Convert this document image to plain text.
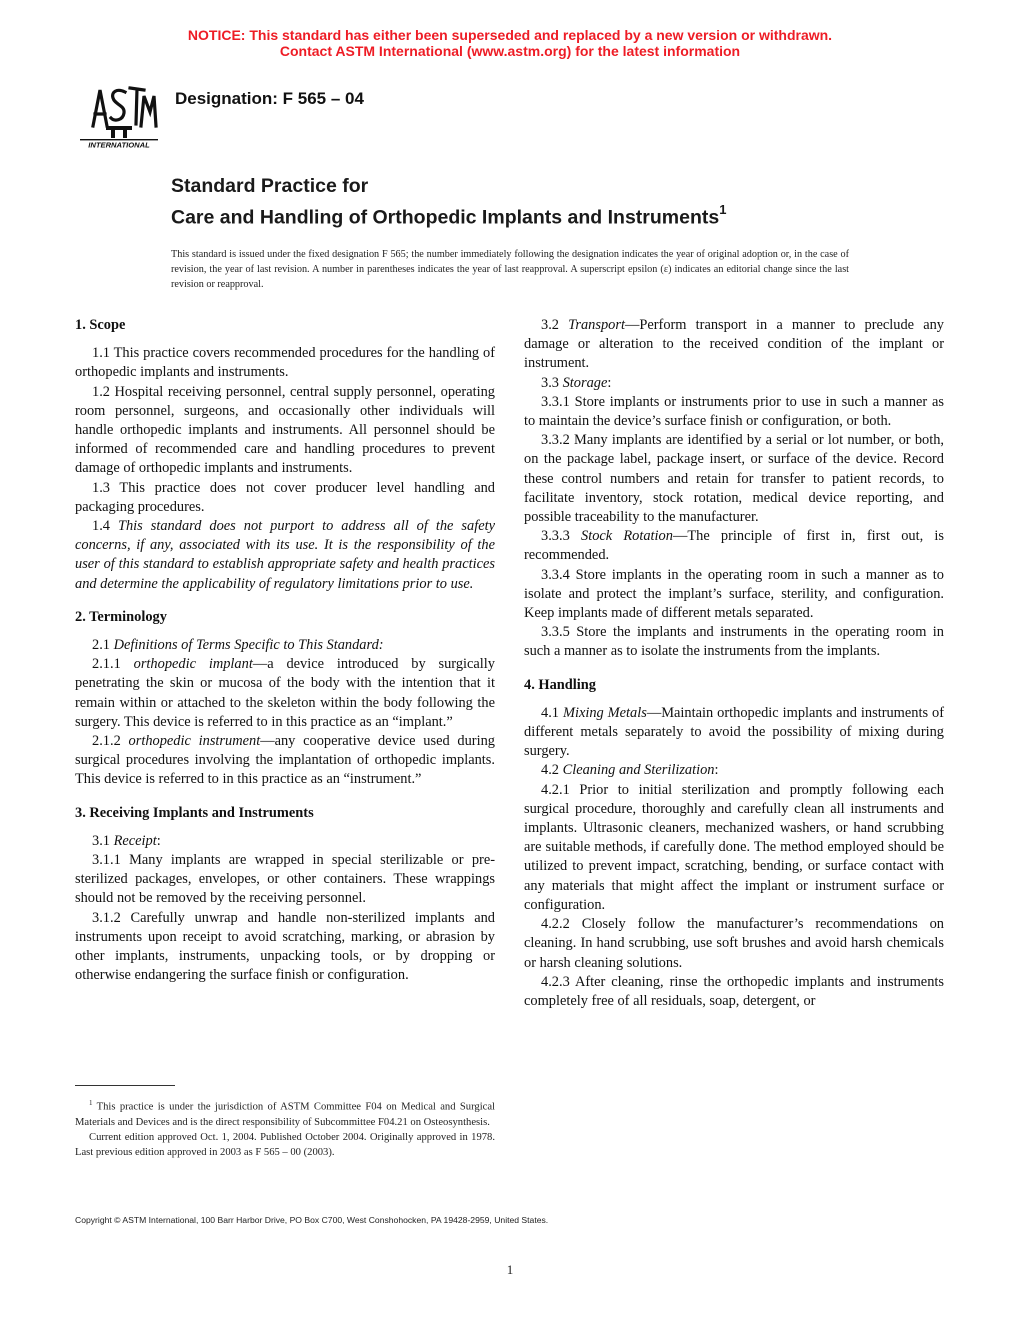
NOTICE: This standard has either been superseded and replaced by a new version or withdrawn.
Contact ASTM International (www.astm.org) for the latest information
INTERNATIONAL
Designation: F 565 – 04
Standard Practice for
Care and Handling of Orthopedic Implants and Instruments$^1$
This standard is issued under the fixed designation F 565; the number immediately following the designation indicates the year of original adoption or, in the case of revision, the year of last revision. A number in parentheses indicates the year of last reapproval. A superscript epsilon (ε) indicates an editorial change since the last revision or reapproval.
1. Scope

1.1 This practice covers recommended procedures for the handling of orthopedic implants and instruments.

1.2 Hospital receiving personnel, central supply personnel, operating room personnel, surgeons, and occasionally other individuals will handle orthopedic implants and instruments. All personnel should be informed of recommended care and handling procedures to prevent damage of orthopedic implants and instruments.

1.3 This practice does not cover producer level handling and packaging procedures.

1.4 This standard does not purport to address all of the safety concerns, if any, associated with its use. It is the responsibility of the user of this standard to establish appropriate safety and health practices and determine the applicability of regulatory limitations prior to use.

2. Terminology

2.1 Definitions of Terms Specific to This Standard:

2.1.1 orthopedic implant—a device introduced by surgically penetrating the skin or mucosa of the body with the intention that it remain within or attached to the skeleton within the body following the surgery. This device is referred to in this practice as an “implant.”

2.1.2 orthopedic instrument—any cooperative device used during surgical procedures involving the implantation of orthopedic implants. This device is referred to in this practice as an “instrument.”

3. Receiving Implants and Instruments

3.1 Receipt:

3.1.1 Many implants are wrapped in special sterilizable or pre-sterilized packages, envelopes, or other containers. These wrappings should not be removed by the receiving personnel.

3.1.2 Carefully unwrap and handle non-sterilized implants and instruments upon receipt to avoid scratching, marking, or abrasion by other implants, instruments, unpacking tools, or by dropping or otherwise endangering the surface finish or configuration.

3.2 Transport—Perform transport in a manner to preclude any damage or alteration to the received condition of the implant or instrument.

3.3 Storage:

3.3.1 Store implants or instruments prior to use in such a manner as to maintain the device’s surface finish or configuration, or both.

3.3.2 Many implants are identified by a serial or lot number, or both, on the package label, package insert, or surface of the device. Record these control numbers and retain for transfer to patient records, to facilitate inventory, stock rotation, medical device reporting, and possible traceability to the manufacturer.

3.3.3 Stock Rotation—The principle of first in, first out, is recommended.

3.3.4 Store implants in the operating room in such a manner as to isolate and protect the implant’s surface, sterility, and configuration. Keep implants made of different metals separated.

3.3.5 Store the implants and instruments in the operating room in such a manner as to isolate the instruments from the implants.

4. Handling

4.1 Mixing Metals—Maintain orthopedic implants and instruments of different metals separately to avoid the possibility of mixing during surgery.

4.2 Cleaning and Sterilization:

4.2.1 Prior to initial sterilization and promptly following each surgical procedure, thoroughly and carefully clean all instruments and implants. Ultrasonic cleaners, mechanized washers, or hand scrubbing are suitable methods, if carefully done. The method employed should be utilized to prevent impact, scratching, bending, or surface contact with any materials that might affect the implant or instrument surface or configuration.

4.2.2 Closely follow the manufacturer’s recommendations on cleaning. In hand scrubbing, use soft brushes and avoid harsh chemicals or harsh cleaning solutions.

4.2.3 After cleaning, rinse the orthopedic implants and instruments completely free of all residuals, soap, detergent, or

$^1$ This practice is under the jurisdiction of ASTM Committee F04 on Medical and Surgical Materials and Devices and is the direct responsibility of Subcommittee F04.21 on Osteosynthesis.

Current edition approved Oct. 1, 2004. Published October 2004. Originally approved in 1978. Last previous edition approved in 2003 as F 565 – 00 (2003).

Copyright © ASTM International, 100 Barr Harbor Drive, PO Box C700, West Conshohocken, PA 19428-2959, United States.
1
